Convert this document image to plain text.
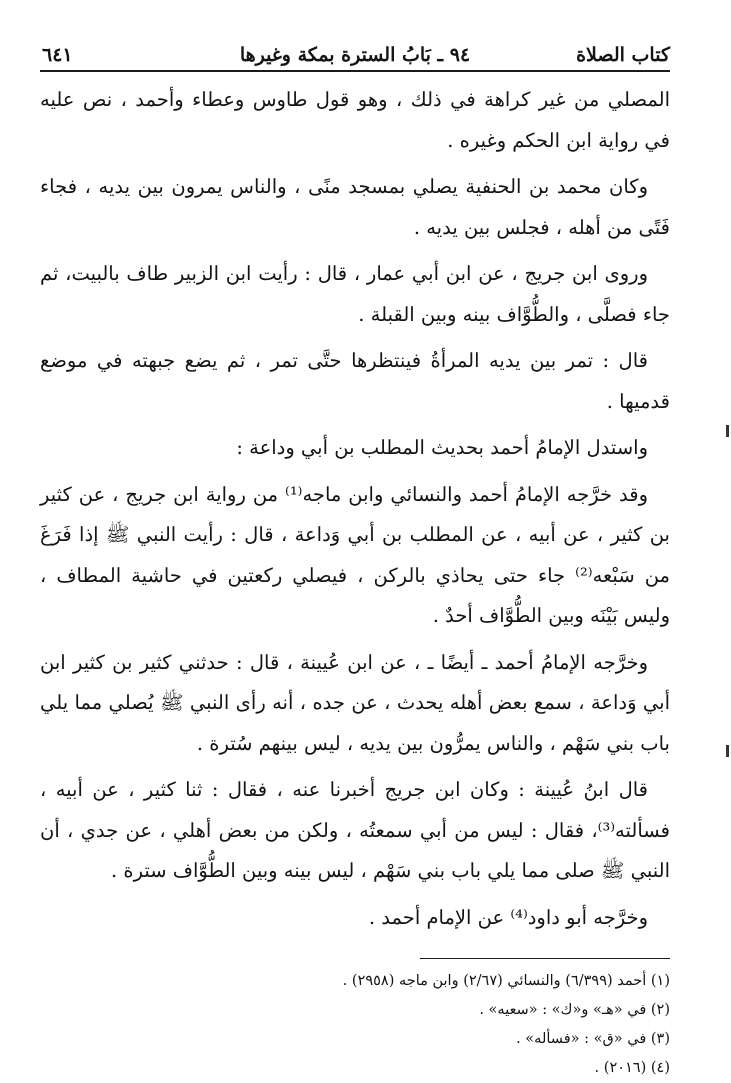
كتاب الصلاة
٩٤ ـ بَابُ السترة بمكة وغيرها
٦٤١

المصلي من غير كراهة في ذلك ، وهو قول طاوس وعطاء وأحمد ، نص عليه في رواية ابن الحكم وغيره .

وكان محمد بن الحنفية يصلي بمسجد منًى ، والناس يمرون بين يديه ، فجاء فَتًى من أهله ، فجلس بين يديه .

وروى ابن جريج ، عن ابن أبي عمار ، قال : رأيت ابن الزبير طاف بالبيت، ثم جاء فصلَّى ، والطُّوَّاف بينه وبين القبلة .

قال : تمر بين يديه المرأةُ فينتظرها حتَّى تمر ، ثم يضع جبهته في موضع قدميها .

واستدل الإمامُ أحمد بحديث المطلب بن أبي وداعة :

وقد خرَّجه الإمامُ أحمد والنسائي وابن ماجه⁽¹⁾ من رواية ابن جريج ، عن كثير بن كثير ، عن أبيه ، عن المطلب بن أبي وَداعة ، قال : رأيت النبي ﷺ إذا فَرَغَ من سَبْعه⁽²⁾ جاء حتى يحاذي بالركن ، فيصلي ركعتين في حاشية المطاف ، وليس بَيْنَه وبين الطُّوَّاف أحدٌ .

وخرَّجه الإمامُ أحمد ـ أيضًا ـ ، عن ابن عُيينة ، قال : حدثني كثير بن كثير ابن أبي وَداعة ، سمع بعض أهله يحدث ، عن جده ، أنه رأى النبي ﷺ يُصلي مما يلي باب بني سَهْم ، والناس يمرُّون بين يديه ، ليس بينهم سُترة .

قال ابنُ عُيينة : وكان ابن جريج أخبرنا عنه ، فقال : ثنا كثير ، عن أبيه ، فسألته⁽³⁾، فقال : ليس من أبي سمعتُه ، ولكن من بعض أهلي ، عن جدي ، أن النبي ﷺ صلى مما يلي باب بني سَهْم ، ليس بينه وبين الطُّوَّاف سترة .

وخرَّجه أبو داود⁽⁴⁾ عن الإمام أحمد .

(١) أحمد (٦/٣٩٩) والنسائي (٢/٦٧) وابن ماجه (٢٩٥٨) .

(٢) في «هـ» و«ك» : «سعيه» .

(٣) في «ق» : «فسأله» .

(٤) (٢٠١٦) .
